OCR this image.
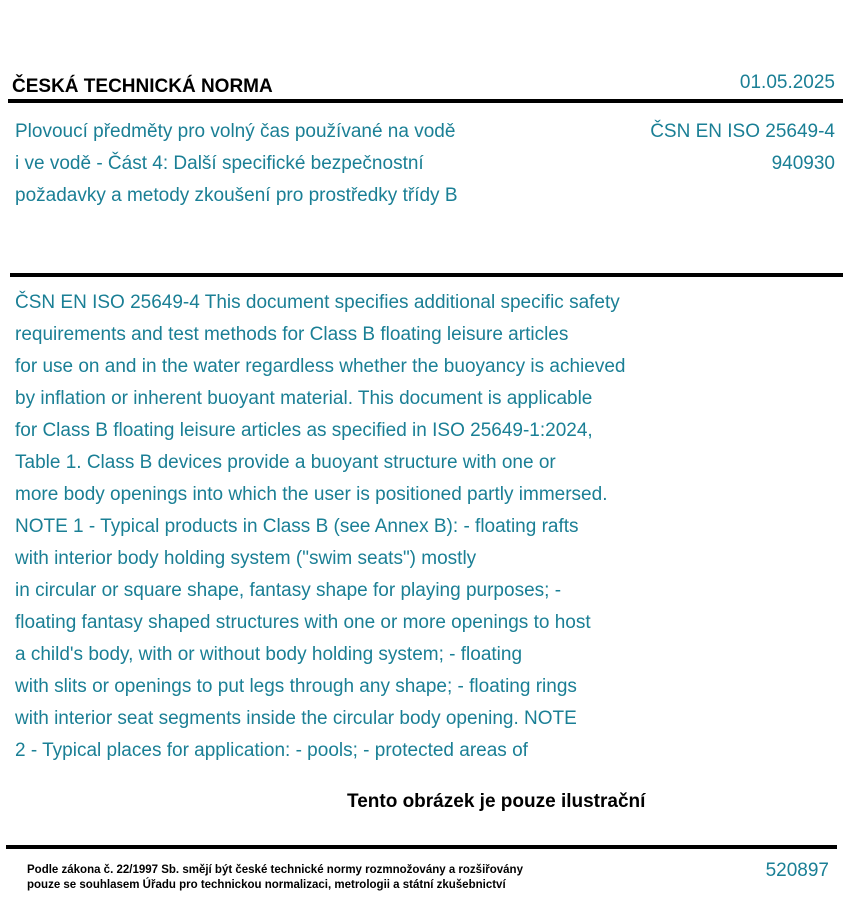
ČESKÁ TECHNICKÁ NORMA	01.05.2025
Plovoucí předměty pro volný čas používané na vodě
i ve vodě - Část 4: Další specifické bezpečnostní
požadavky a metody zkoušení pro prostředky třídy B
ČSN EN ISO 25649-4
940930
ČSN EN ISO 25649-4 This document specifies additional specific safety
requirements and test methods for Class B floating leisure articles
for use on and in the water regardless whether the buoyancy is achieved
by inflation or inherent buoyant material. This document is applicable
for Class B floating leisure articles as specified in ISO 25649-1:2024,
Table 1. Class B devices provide a buoyant structure with one or
more body openings into which the user is positioned partly immersed.
NOTE 1 - Typical products in Class B (see Annex B): - floating rafts
with interior body holding system ("swim seats") mostly
in circular or square shape, fantasy shape for playing purposes; -
floating fantasy shaped structures with one or more openings to host
a child's body, with or without body holding system; - floating
with slits or openings to put legs through any shape; - floating rings
with interior seat segments inside the circular body opening. NOTE
2 - Typical places for application: - pools; - protected areas of
Tento obrázek je pouze ilustrační
Podle zákona č. 22/1997 Sb. smějí být české technické normy rozmnožovány a rozšiřovány
pouze se souhlasem Úřadu pro technickou normalizaci, metrologii a státní zkušebnictví
520897
